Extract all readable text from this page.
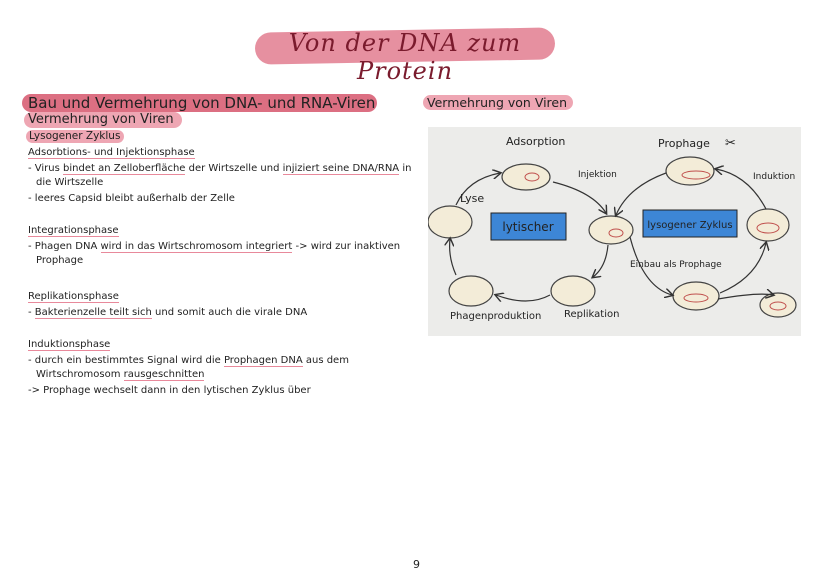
Von der DNA zum Protein
Bau und Vermehrung von DNA- und RNA-Viren
Vermehrung von Viren
Lysogener Zyklus
Adsorbtions- und Injektionsphase
- Virus bindet an Zelloberfläche der Wirtszelle und injiziert seine DNA/RNA in
die Wirtszelle
- leeres Capsid bleibt außerhalb der Zelle
Integrationsphase
- Phagen DNA wird in das Wirtschromosom integriert -> wird zur inaktiven
Prophage
Replikationsphase
- Bakterienzelle teilt sich und somit auch die virale DNA
Induktionsphase
- durch ein bestimmtes Signal wird die Prophagen DNA aus dem
Wirtschromosom rausgeschnitten
-> Prophage wechselt dann in den lytischen Zyklus über
Vermehrung von Viren
lytischer	lysogener Zyklus
Adsorption
Injektion
Lyse
Prophage ✂
Induktion
Einbau als Prophage
Replikation
Phagenproduktion
9
